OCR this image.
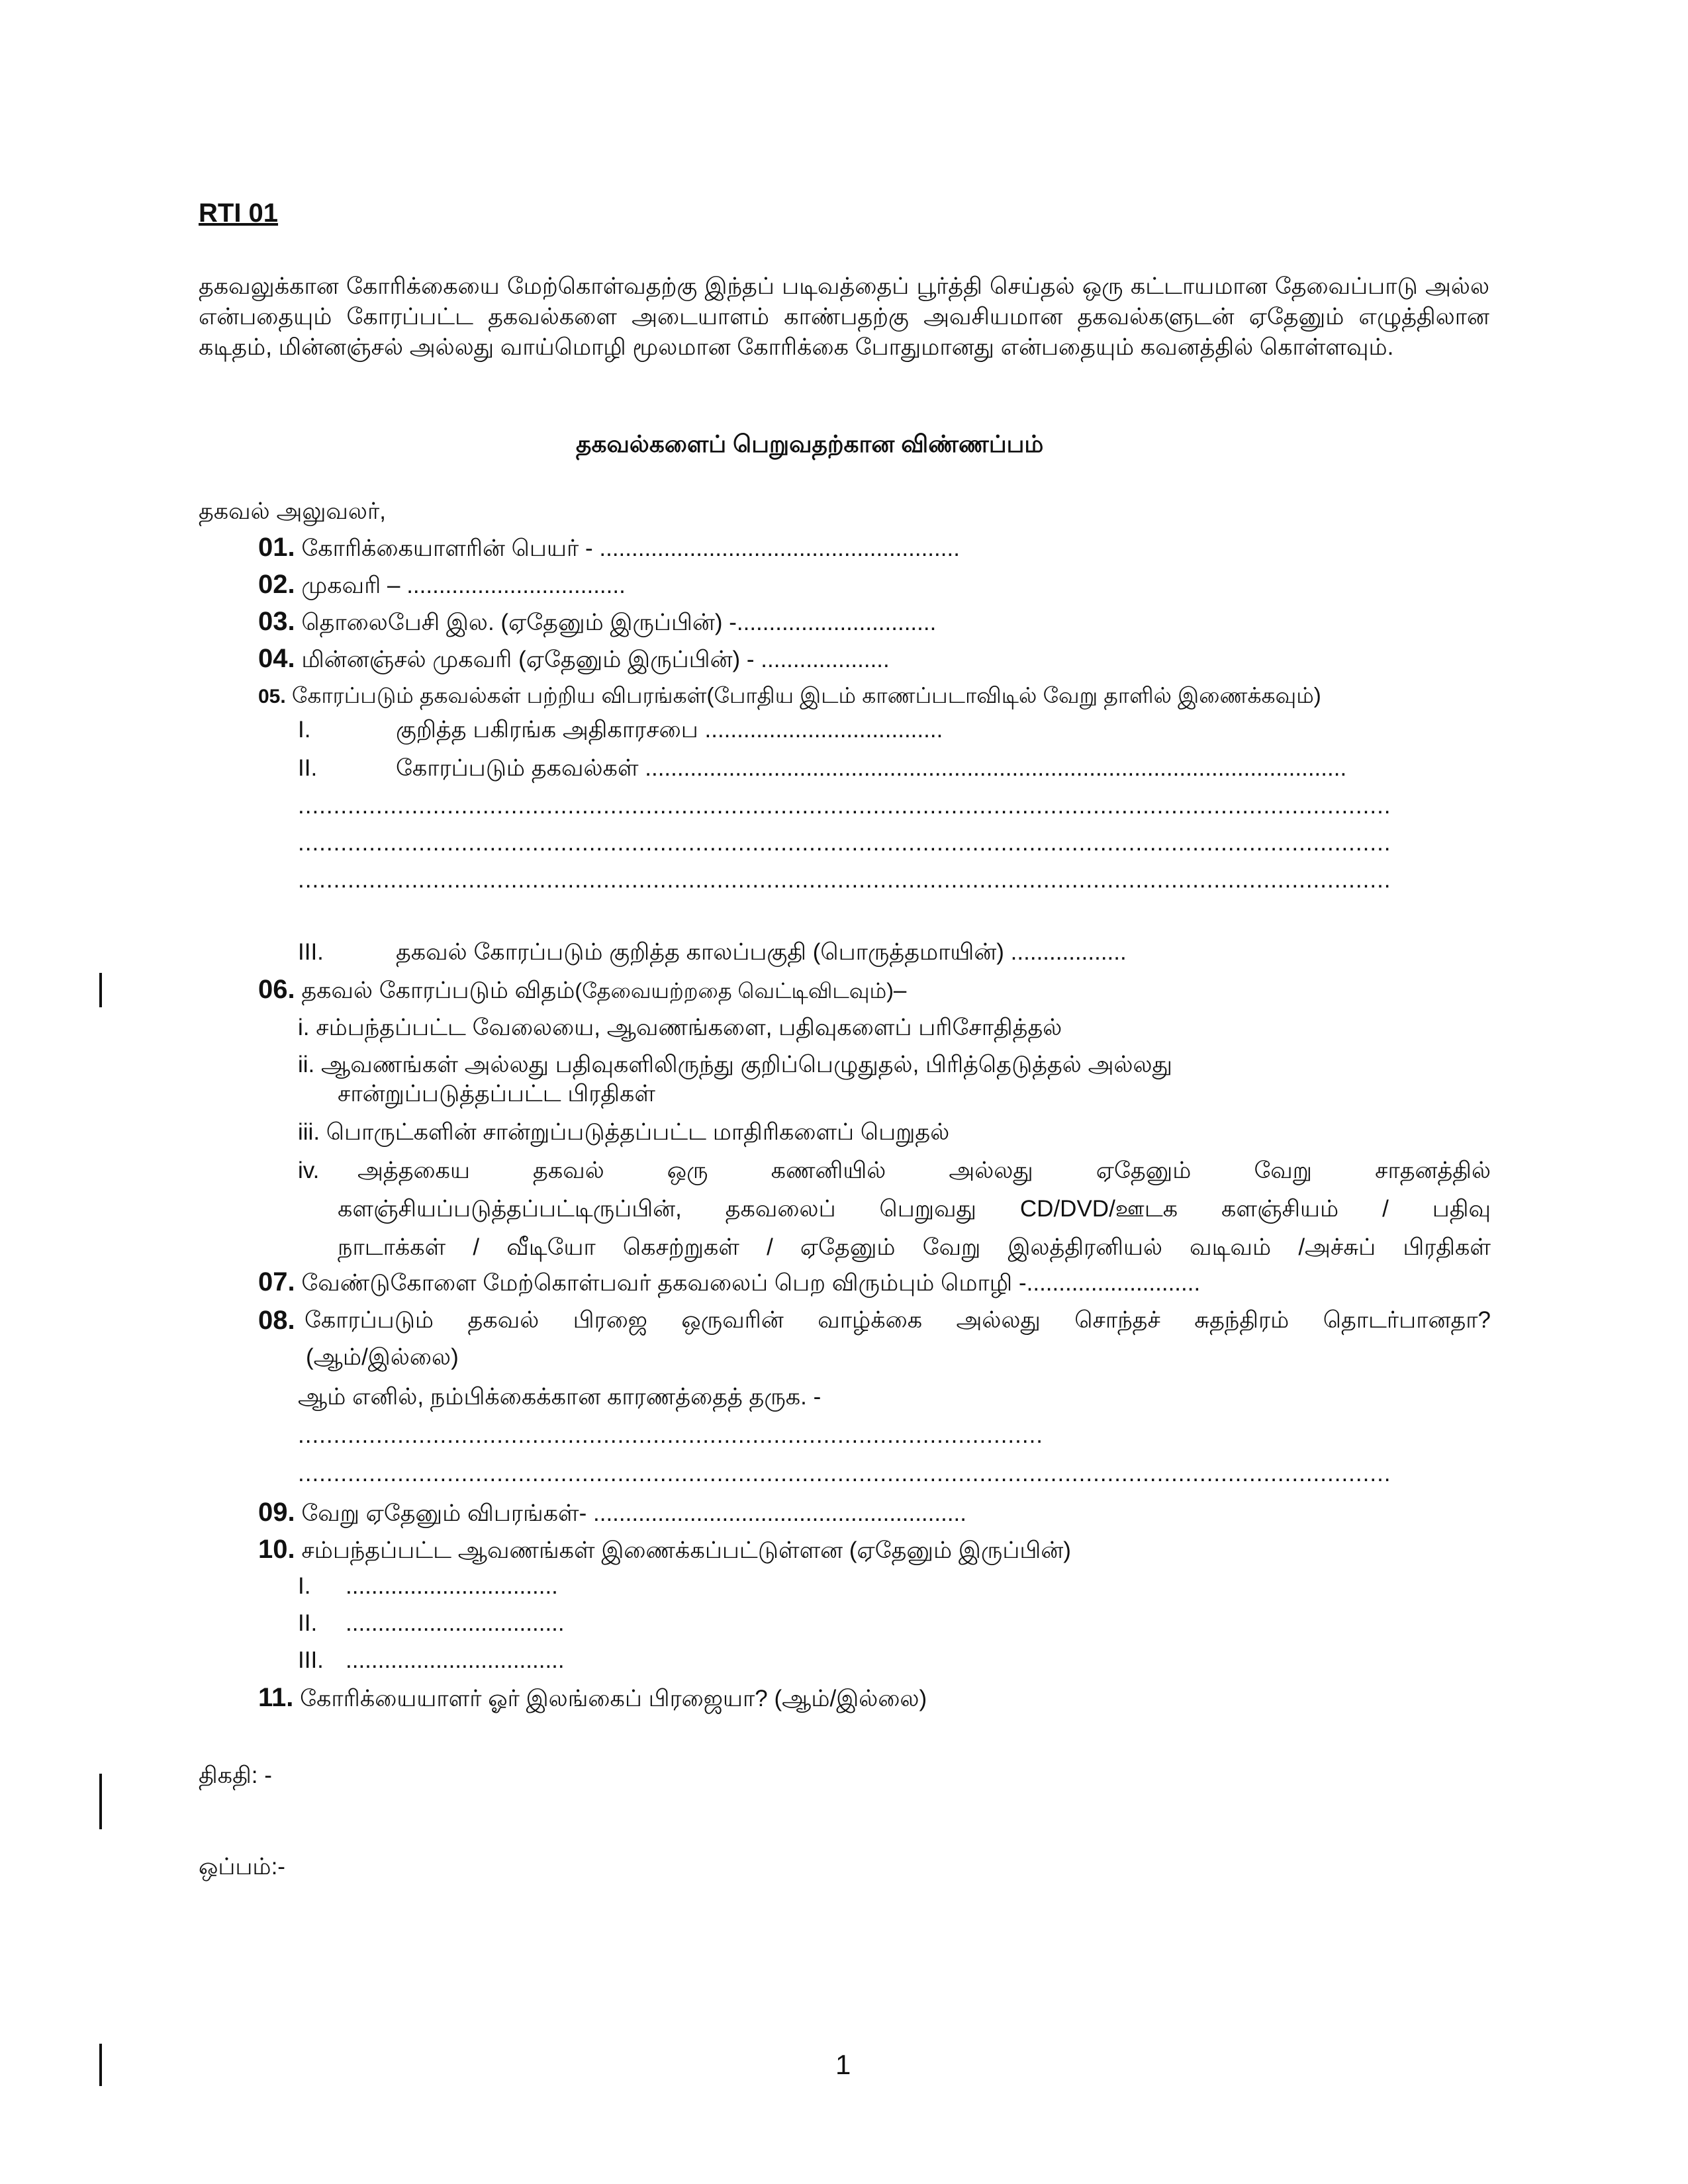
RTI 01
தகவலுக்கான கோரிக்கையை மேற்கொள்வதற்கு இந்தப் படிவத்தைப் பூர்த்தி செய்தல் ஒரு கட்டாயமான தேவைப்பாடு அல்ல என்பதையும் கோரப்பட்ட தகவல்களை அடையாளம் காண்பதற்கு அவசியமான தகவல்களுடன் ஏதேனும் எழுத்திலான கடிதம், மின்னஞ்சல் அல்லது வாய்மொழி மூலமான கோரிக்கை போதுமானது என்பதையும் கவனத்தில் கொள்ளவும்.
தகவல்களைப் பெறுவதற்கான விண்ணப்பம்
தகவல் அலுவலர்,
01. கோரிக்கையாளரின் பெயர் - ........................................................
02. முகவரி – ..................................
03. தொலைபேசி இல. (ஏதேனும் இருப்பின்) -...............................
04. மின்னஞ்சல் முகவரி (ஏதேனும் இருப்பின்) - ....................
05. கோரப்படும் தகவல்கள் பற்றிய விபரங்கள்(போதிய இடம் காணப்படாவிடில் வேறு தாளில் இணைக்கவும்)
I.	குறித்த பகிரங்க அதிகாரசபை .....................................
II.	கோரப்படும் தகவல்கள் .............................................................................................................
..........................................................................................................................................................
..........................................................................................................................................................
..........................................................................................................................................................
III.	தகவல் கோரப்படும் குறித்த காலப்பகுதி (பொருத்தமாயின்) ..................
06. தகவல் கோரப்படும் விதம்(தேவையற்றதை வெட்டிவிடவும்)–
i. சம்பந்தப்பட்ட வேலையை, ஆவணங்களை, பதிவுகளைப் பரிசோதித்தல்
ii. ஆவணங்கள் அல்லது பதிவுகளிலிருந்து குறிப்பெழுதுதல், பிரித்தெடுத்தல் அல்லது
சான்றுப்படுத்தப்பட்ட பிரதிகள்
iii. பொருட்களின் சான்றுப்படுத்தப்பட்ட மாதிரிகளைப் பெறுதல்
iv. அத்தகைய தகவல் ஒரு கணனியில் அல்லது ஏதேனும் வேறு சாதனத்தில்
களஞ்சியப்படுத்தப்பட்டிருப்பின், தகவலைப் பெறுவது CD/DVD/ஊடக களஞ்சியம் / பதிவு
நாடாக்கள் / வீடியோ கெசற்றுகள் / ஏதேனும் வேறு இலத்திரனியல் வடிவம் /அச்சுப் பிரதிகள்
07. வேண்டுகோளை மேற்கொள்பவர் தகவலைப் பெற விரும்பும் மொழி -...........................
08. கோரப்படும் தகவல் பிரஜை ஒருவரின் வாழ்க்கை அல்லது சொந்தச் சுதந்திரம் தொடர்பானதா?
(ஆம்/இல்லை)
ஆம் எனில், நம்பிக்கைக்கான காரணத்தைத் தருக. -
.........................................................................................................
..........................................................................................................................................................
09. வேறு ஏதேனும் விபரங்கள்- ..........................................................
10. சம்பந்தப்பட்ட ஆவணங்கள் இணைக்கப்பட்டுள்ளன (ஏதேனும் இருப்பின்)
I. .................................
II. ..................................
III. ..................................
11. கோரிக்யையாளர் ஓர் இலங்கைப் பிரஜையா? (ஆம்/இல்லை)
திகதி: -
ஒப்பம்:-
1
